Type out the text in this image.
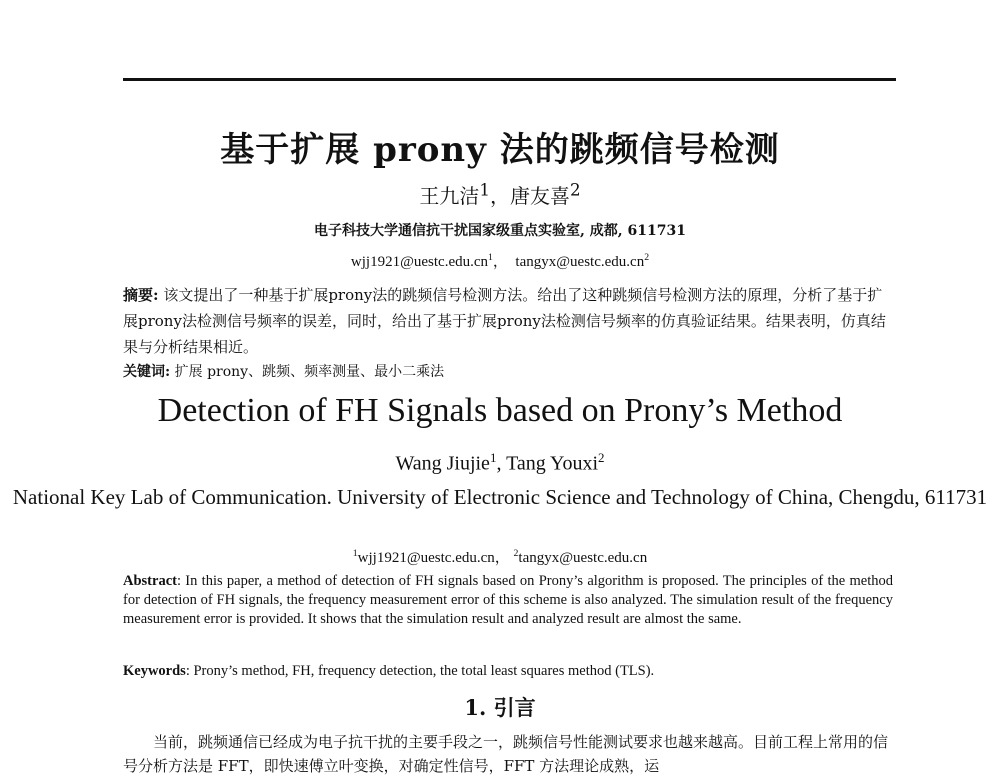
基于扩展 prony 法的跳频信号检测
王九洁$^1$，唐友喜$^2$
电子科技大学通信抗干扰国家级重点实验室, 成都, 611731
$wjj1921@uestc.edu.cn^1$， $tangyx@uestc.edu.cn^2$
摘要: 该文提出了一种基于扩展prony法的跳频信号检测方法。给出了这种跳频信号检测方法的原理，分析了基于扩展prony法检测信号频率的误差，同时，给出了基于扩展prony法检测信号频率的仿真验证结果。结果表明，仿真结果与分析结果相近。
关键词: 扩展 prony、跳频、频率测量、最小二乘法
Detection of FH Signals based on Prony’s Method
Wang Jiujie$^1$, Tang Youxi$^2$
National Key Lab of Communication. University of Electronic Science and Technology of China, Chengdu, 611731
$^1$wjj1921@uestc.edu.cn， $^2$tangyx@uestc.edu.cn
Abstract: In this paper, a method of detection of FH signals based on Prony’s algorithm is proposed. The principles of the method for detection of FH signals, the frequency measurement error of this scheme is also analyzed. The simulation result of the frequency measurement error is provided. It shows that the simulation result and analyzed result are almost the same.
Keywords: Prony’s method, FH, frequency detection, the total least squares method (TLS).
1. 引言
当前，跳频通信已经成为电子抗干扰的主要手段之一，跳频信号性能测试要求也越来越高。目前工程上常用的信号分析方法是 FFT，即快速傅立叶变换，对确定性信号，FFT 方法理论成熟，运
